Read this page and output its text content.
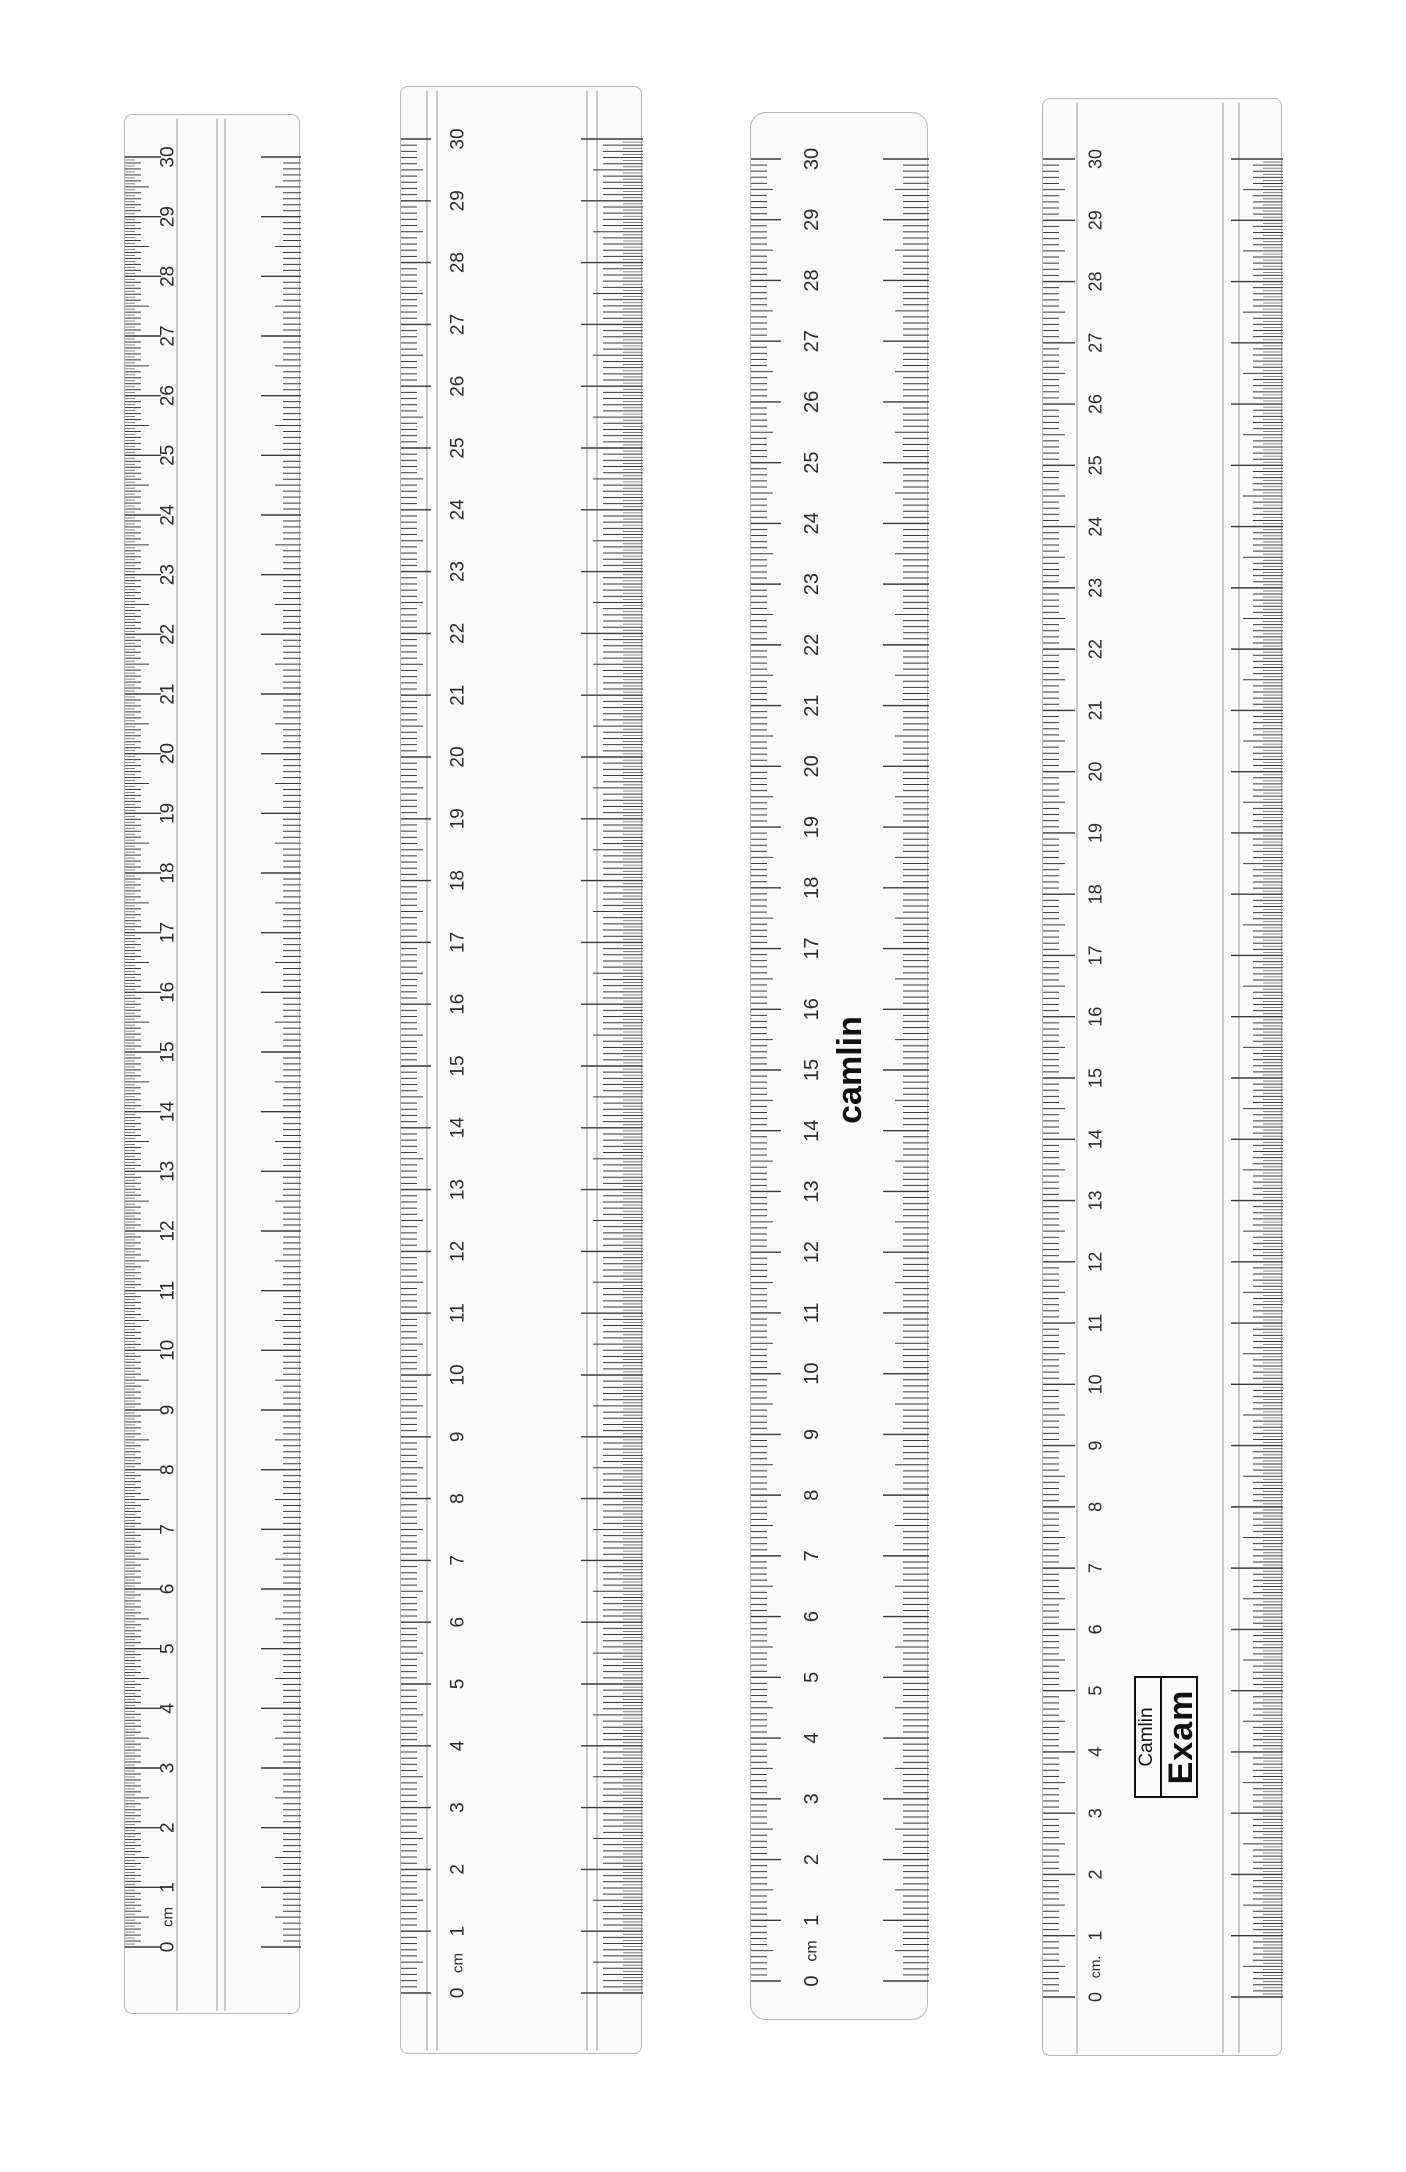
0
cm
1
2
3
4
5
6
7
8
9
10
11
12
13
14
15
16
17
18
19
20
21
22
23
24
25
26
27
28
29
30
0
cm
1
2
3
4
5
6
7
8
9
10
11
12
13
14
15
16
17
18
19
20
21
22
23
24
25
26
27
28
29
30
0
cm
1
2
3
4
5
6
7
8
9
10
11
12
13
14
15
16
17
18
19
20
21
22
23
24
25
26
27
28
29
30
0
cm.
1
2
3
4
5
6
7
8
9
10
11
12
13
14
15
16
17
18
19
20
21
22
23
24
25
26
27
28
29
30
camlin
Camlin Exam
